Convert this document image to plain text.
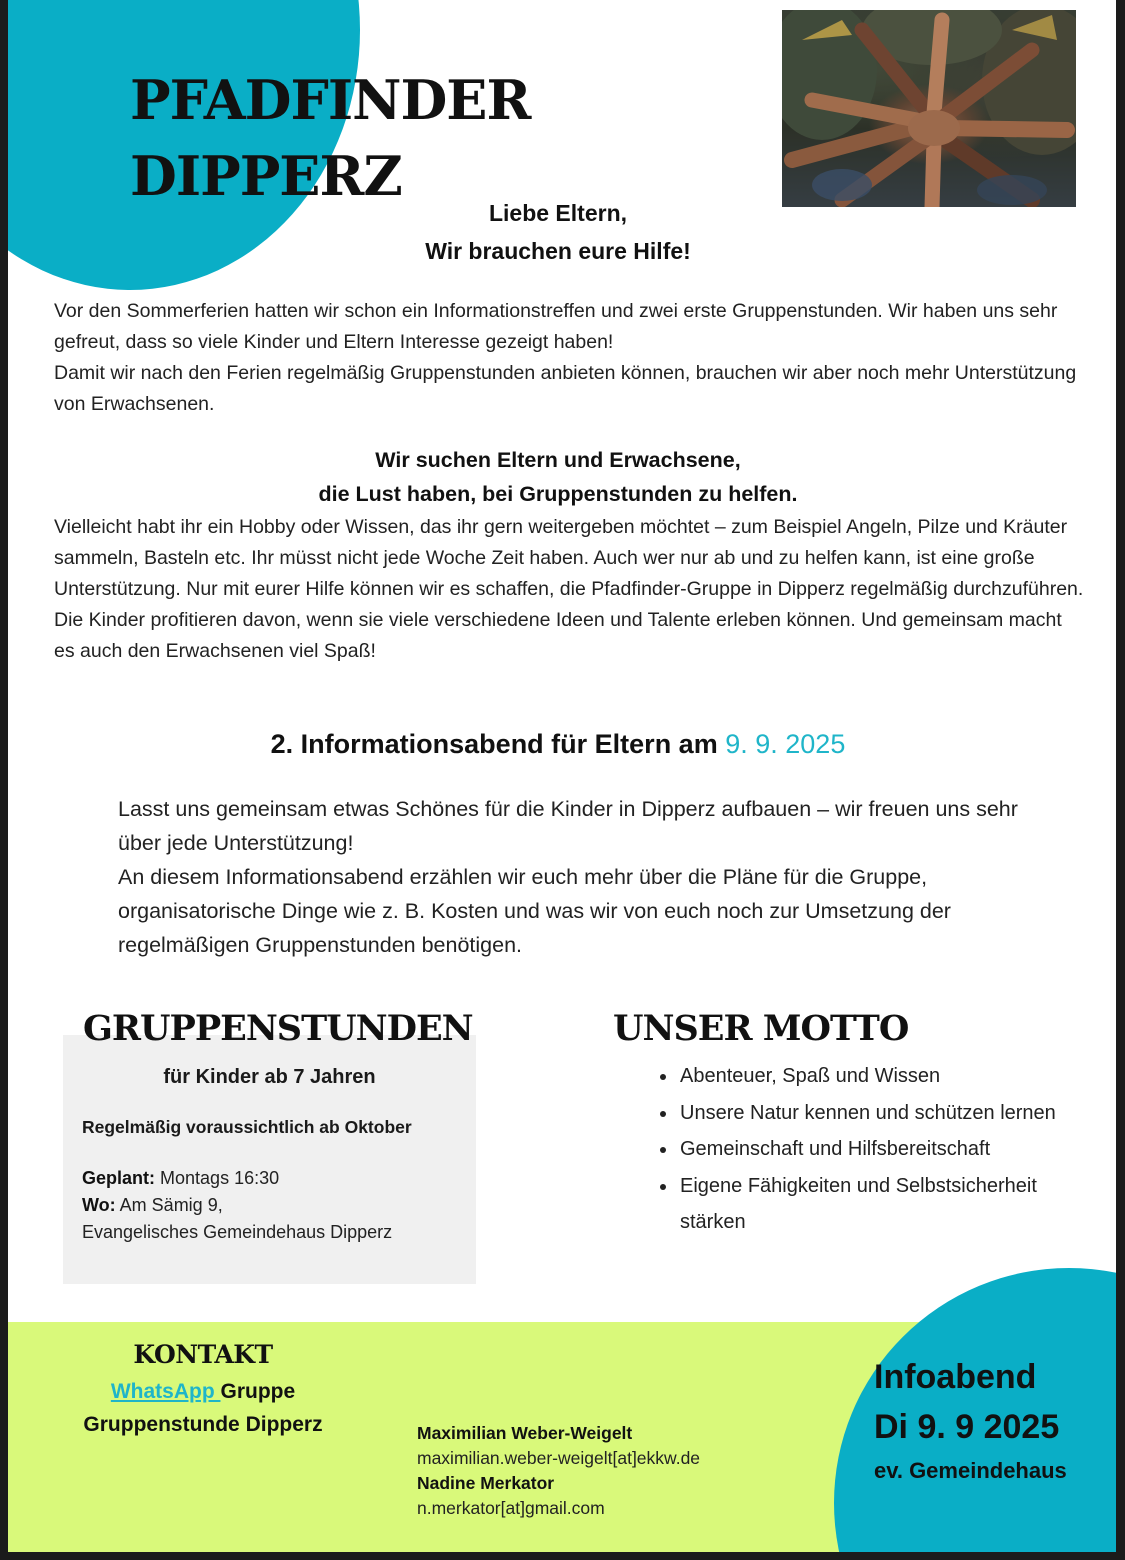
PFADFINDER
DIPPERZ
Liebe Eltern,
Wir brauchen eure Hilfe!

Vor den Sommerferien hatten wir schon ein Informationstreffen und zwei erste Gruppenstunden. Wir haben uns sehr gefreut, dass so viele Kinder und Eltern Interesse gezeigt haben!

Damit wir nach den Ferien regelmäßig Gruppenstunden anbieten können, brauchen wir aber noch mehr Unterstützung von Erwachsenen.

Wir suchen Eltern und Erwachsene,
die Lust haben, bei Gruppenstunden zu helfen.

Vielleicht habt ihr ein Hobby oder Wissen, das ihr gern weitergeben möchtet – zum Beispiel Angeln, Pilze und Kräuter sammeln, Basteln etc. Ihr müsst nicht jede Woche Zeit haben. Auch wer nur ab und zu helfen kann, ist eine große Unterstützung. Nur mit eurer Hilfe können wir es schaffen, die Pfadfinder-Gruppe in Dipperz regelmäßig durchzuführen.

Die Kinder profitieren davon, wenn sie viele verschiedene Ideen und Talente erleben können. Und gemeinsam macht es auch den Erwachsenen viel Spaß!

2. Informationsabend für Eltern am 9. 9. 2025

Lasst uns gemeinsam etwas Schönes für die Kinder in Dipperz aufbauen – wir freuen uns sehr über jede Unterstützung!

An diesem Informationsabend erzählen wir euch mehr über die Pläne für die Gruppe, organisatorische Dinge wie z. B. Kosten und was wir von euch noch zur Umsetzung der regelmäßigen Gruppenstunden benötigen.

GRUPPENSTUNDEN
für Kinder ab 7 Jahren
Regelmäßig voraussichtlich ab Oktober
Geplant: Montags 16:30
Wo: Am Sämig 9,
Evangelisches Gemeindehaus Dipperz
UNSER MOTTO
• Abenteuer, Spaß und Wissen
• Unsere Natur kennen und schützen lernen
• Gemeinschaft und Hilfsbereitschaft
• Eigene Fähigkeiten und Selbstsicherheit stärken
KONTAKT
WhatsApp Gruppe
Gruppenstunde Dipperz	Maximilian Weber-Weigelt
maximilian.weber-weigelt[at]ekkw.de
Nadine Merkator
n.merkator[at]gmail.com
Infoabend
Di 9. 9 2025
ev. Gemeindehaus
